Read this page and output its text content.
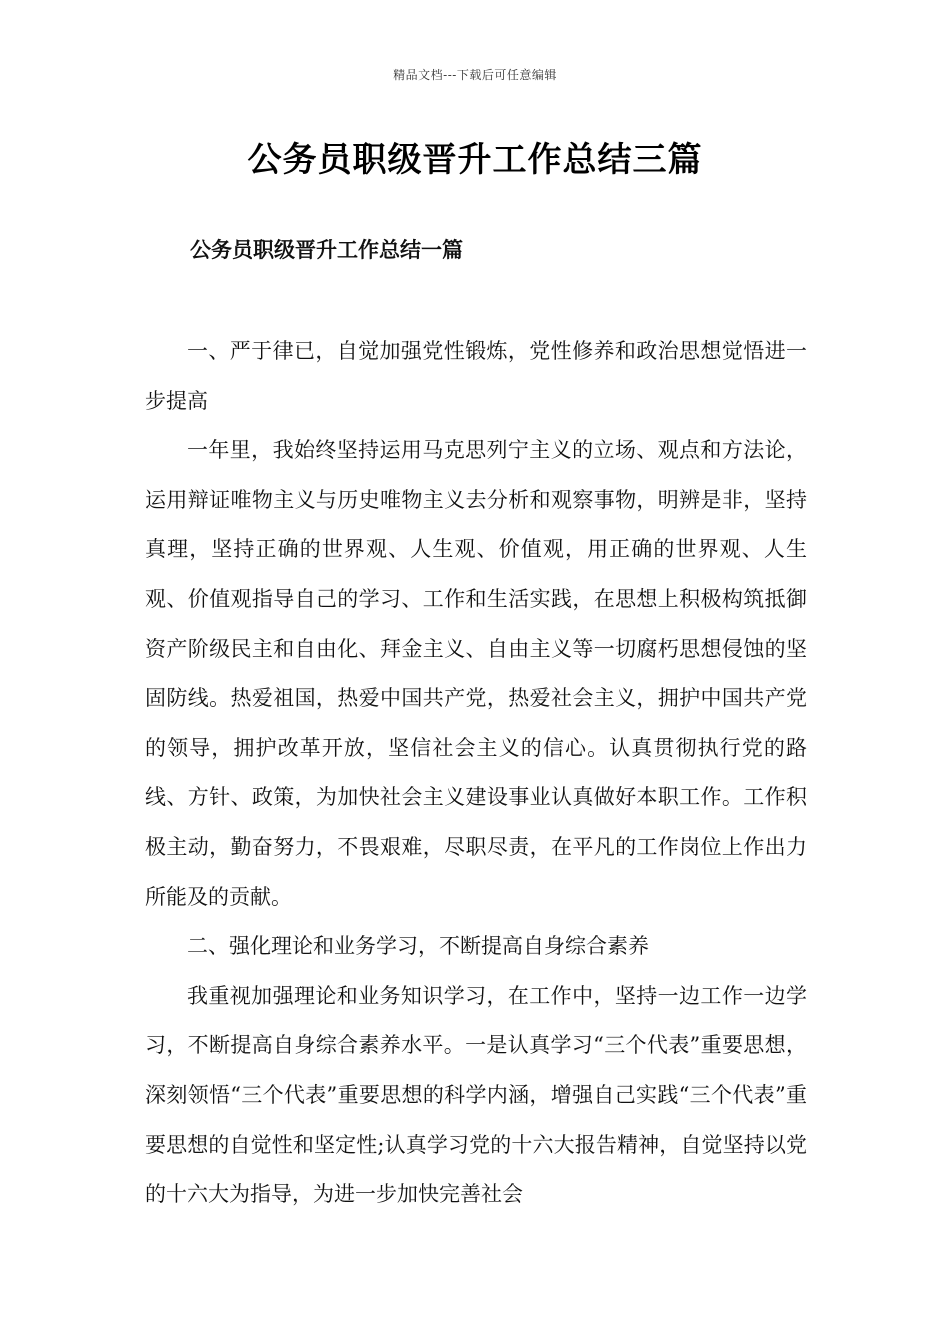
精品文档---下载后可任意编辑
公务员职级晋升工作总结三篇
公务员职级晋升工作总结一篇

一、严于律已，自觉加强党性锻炼，党性修养和政治思想觉悟进一步提高

一年里，我始终坚持运用马克思列宁主义的立场、观点和方法论，运用辩证唯物主义与历史唯物主义去分析和观察事物，明辨是非，坚持真理，坚持正确的世界观、人生观、价值观，用正确的世界观、人生观、价值观指导自己的学习、工作和生活实践，在思想上积极构筑抵御资产阶级民主和自由化、拜金主义、自由主义等一切腐朽思想侵蚀的坚固防线。热爱祖国，热爱中国共产党，热爱社会主义，拥护中国共产党的领导，拥护改革开放，坚信社会主义的信心。认真贯彻执行党的路线、方针、政策，为加快社会主义建设事业认真做好本职工作。工作积极主动，勤奋努力，不畏艰难，尽职尽责，在平凡的工作岗位上作出力所能及的贡献。

二、强化理论和业务学习，不断提高自身综合素养

我重视加强理论和业务知识学习，在工作中，坚持一边工作一边学习，不断提高自身综合素养水平。一是认真学习“三个代表”重要思想，深刻领悟“三个代表”重要思想的科学内涵，增强自己实践“三个代表”重要思想的自觉性和坚定性;认真学习党的十六大报告精神，自觉坚持以党的十六大为指导，为进一步加快完善社会
